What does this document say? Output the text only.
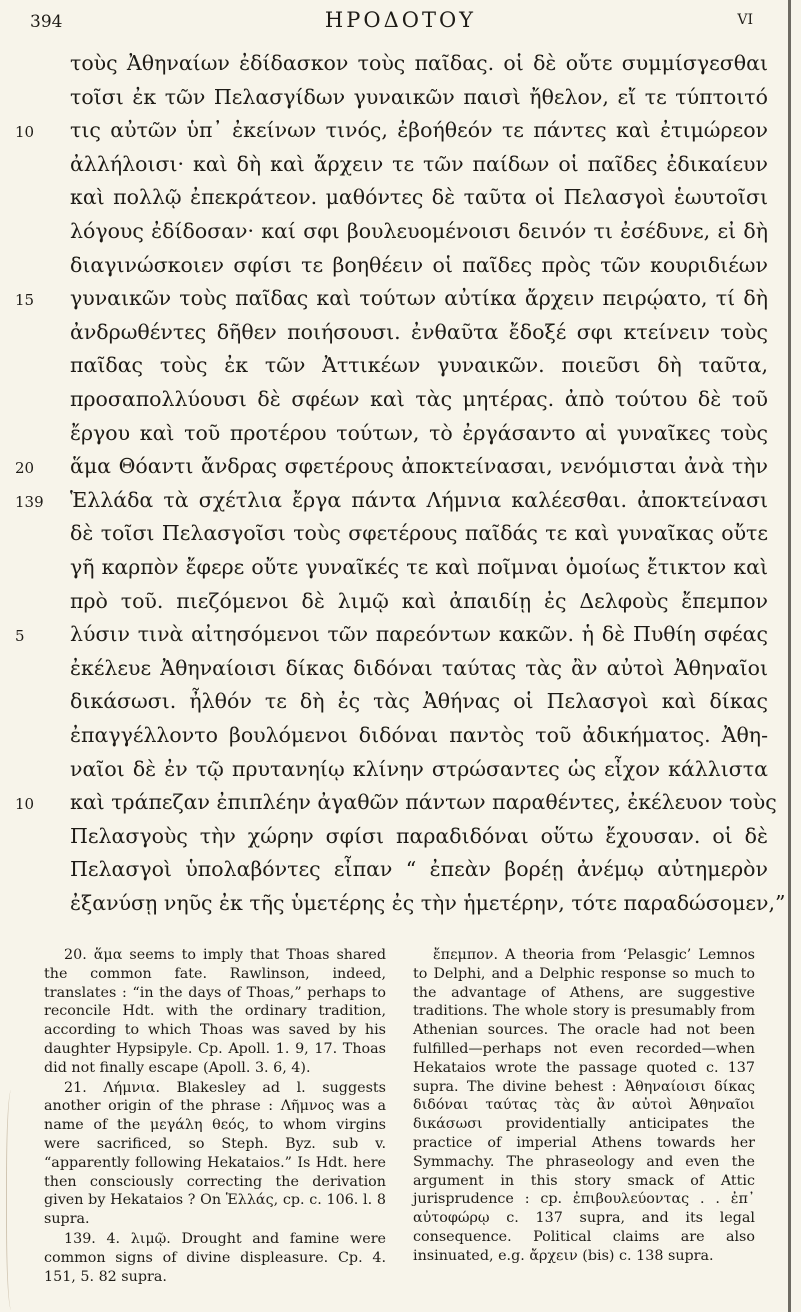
394	ΗΡΟΔΟΤΟΥ	VI
τοὺς Ἀθηναίων ἐδίδασκον τοὺς παῖδας. οἱ δὲ οὔτε συμμίσγεσθαι
τοῖσι ἐκ τῶν Πελασγίδων γυναικῶν παισὶ ἤθελον, εἴ τε τύπτοιτό
τις αὐτῶν ὑπ᾽ ἐκείνων τινός, ἐβοήθεόν τε πάντες καὶ ἐτιμώρεον
10
ἀλλήλοισι· καὶ δὴ καὶ ἄρχειν τε τῶν παίδων οἱ παῖδες ἐδικαίευν
καὶ πολλῷ ἐπεκράτεον. μαθόντες δὲ ταῦτα οἱ Πελασγοὶ ἑωυτοῖσι
λόγους ἐδίδοσαν· καί σφι βουλευομένοισι δεινόν τι ἐσέδυνε, εἰ δὴ
διαγινώσκοιεν σφίσι τε βοηθέειν οἱ παῖδες πρὸς τῶν κουριδιέων
γυναικῶν τοὺς παῖδας καὶ τούτων αὐτίκα ἄρχειν πειρῴατο, τί δὴ
15
ἀνδρωθέντες δῆθεν ποιήσουσι. ἐνθαῦτα ἔδοξέ σφι κτείνειν τοὺς
παῖδας τοὺς ἐκ τῶν Ἀττικέων γυναικῶν. ποιεῦσι δὴ ταῦτα,
προσαπολλύουσι δὲ σφέων καὶ τὰς μητέρας. ἀπὸ τούτου δὲ τοῦ
ἔργου καὶ τοῦ προτέρου τούτων, τὸ ἐργάσαντο αἱ γυναῖκες τοὺς
ἅμα Θόαντι ἄνδρας σφετέρους ἀποκτείνασαι, νενόμισται ἀνὰ τὴν
20
Ἑλλάδα τὰ σχέτλια ἔργα πάντα Λήμνια καλέεσθαι. ἀποκτείνασι
139
δὲ τοῖσι Πελασγοῖσι τοὺς σφετέρους παῖδάς τε καὶ γυναῖκας οὔτε
γῆ καρπὸν ἔφερε οὔτε γυναῖκές τε καὶ ποῖμναι ὁμοίως ἔτικτον καὶ
πρὸ τοῦ. πιεζόμενοι δὲ λιμῷ καὶ ἀπαιδίῃ ἐς Δελφοὺς ἔπεμπον
λύσιν τινὰ αἰτησόμενοι τῶν παρεόντων κακῶν. ἡ δὲ Πυθίη σφέας
5
ἐκέλευε Ἀθηναίοισι δίκας διδόναι ταύτας τὰς ἂν αὐτοὶ Ἀθηναῖοι
δικάσωσι. ἦλθόν τε δὴ ἐς τὰς Ἀθήνας οἱ Πελασγοὶ καὶ δίκας
ἐπαγγέλλοντο βουλόμενοι διδόναι παντὸς τοῦ ἀδικήματος. Ἀθη-
ναῖοι δὲ ἐν τῷ πρυτανηίῳ κλίνην στρώσαντες ὡς εἶχον κάλλιστα
καὶ τράπεζαν ἐπιπλέην ἀγαθῶν πάντων παραθέντες, ἐκέλευον τοὺς
10
Πελασγοὺς τὴν χώρην σφίσι παραδιδόναι οὕτω ἔχουσαν. οἱ δὲ
Πελασγοὶ ὑπολαβόντες εἶπαν “ ἐπεὰν βορέῃ ἀνέμῳ αὐτημερὸν
ἐξανύσῃ νηῦς ἐκ τῆς ὑμετέρης ἐς τὴν ἡμετέρην, τότε παραδώσομεν,”

20. ἅμα seems to imply that Thoas shared the common fate. Rawlinson, indeed, translates : “in the days of Thoas,” perhaps to reconcile Hdt. with the ordinary tradition, according to which Thoas was saved by his daughter Hypsipyle. Cp. Apoll. 1. 9, 17. Thoas did not finally escape (Apoll. 3. 6, 4).

21. Λήμνια. Blakesley ad l. suggests another origin of the phrase : Λῆμνος was a name of the μεγάλη θεός, to whom virgins were sacrificed, so Steph. Byz. sub v. “apparently following Hekataios.” Is Hdt. here then consciously correcting the derivation given by Hekataios ? On Ἑλλάς, cp. c. 106. l. 8 supra.

139. 4. λιμῷ. Drought and famine were common signs of divine displeasure. Cp. 4. 151, 5. 82 supra.

ἔπεμπον. A theoria from ‘Pelasgic’ Lemnos to Delphi, and a Delphic response so much to the advantage of Athens, are suggestive traditions. The whole story is presumably from Athenian sources. The oracle had not been fulfilled—perhaps not even recorded—when Hekataios wrote the passage quoted c. 137 supra. The divine behest : Ἀθηναίοισι δίκας διδόναι ταύτας τὰς ἂν αὐτοὶ Ἀθηναῖοι δικάσωσι providentially anticipates the practice of imperial Athens towards her Symmachy. The phraseology and even the argument in this story smack of Attic jurisprudence : cp. ἐπιβουλεύοντας . . ἐπ᾽ αὐτοφώρῳ c. 137 supra, and its legal consequence. Political claims are also insinuated, e.g. ἄρχειν (bis) c. 138 supra.
